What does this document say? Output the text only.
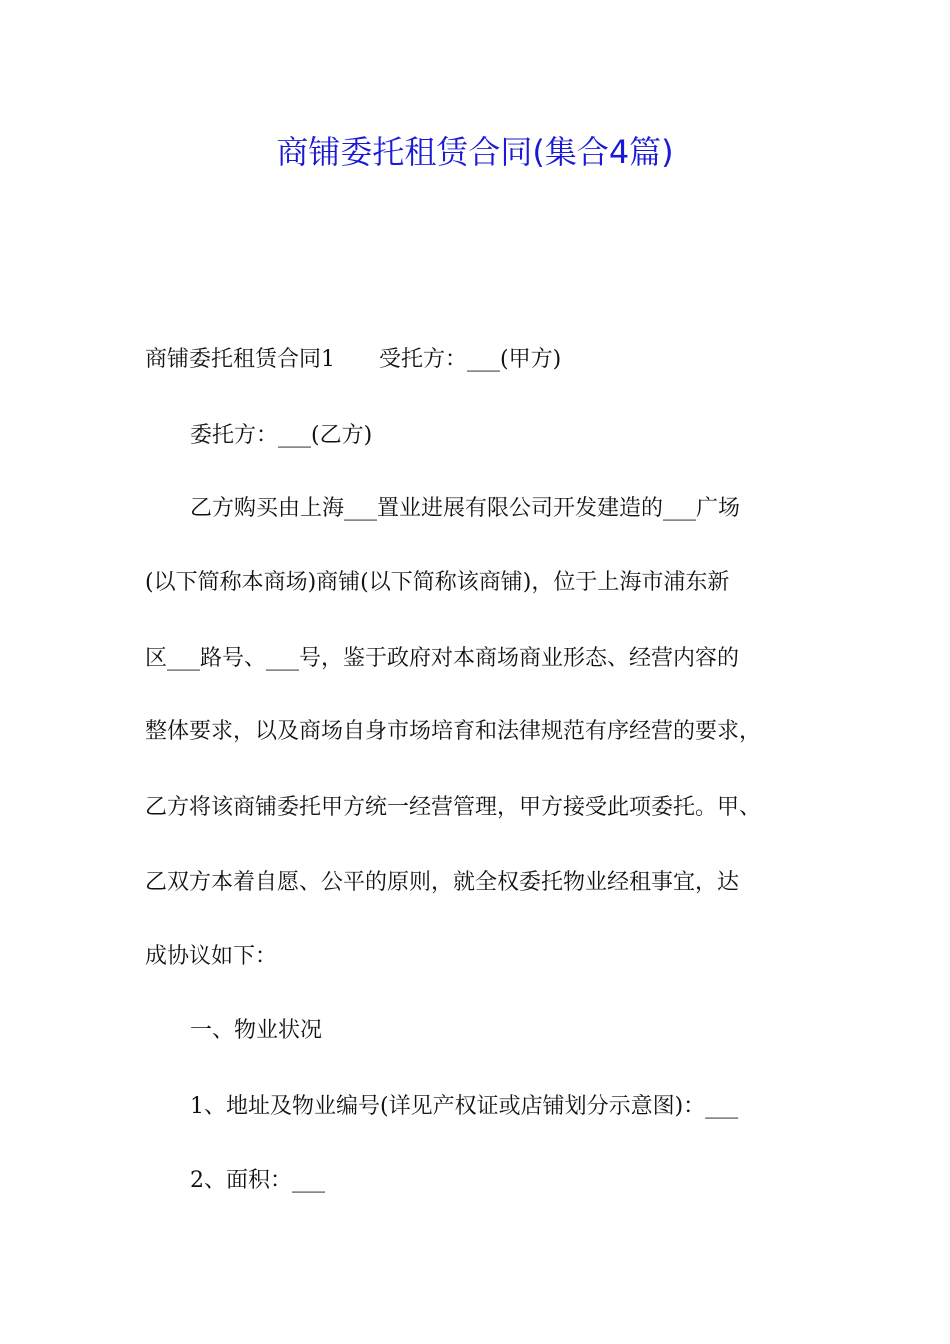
商铺委托租赁合同(集合4篇)
商铺委托租赁合同1 受托方：___(甲方)
委托方：___(乙方)
乙方购买由上海___置业进展有限公司开发建造的___广场
(以下简称本商场)商铺(以下简称该商铺)，位于上海市浦东新
区___路号、___号，鉴于政府对本商场商业形态、经营内容的
整体要求，以及商场自身市场培育和法律规范有序经营的要求，
乙方将该商铺委托甲方统一经营管理，甲方接受此项委托。甲、
乙双方本着自愿、公平的原则，就全权委托物业经租事宜，达
成协议如下：
一、物业状况
1、地址及物业编号(详见产权证或店铺划分示意图)：___
2、面积：___
